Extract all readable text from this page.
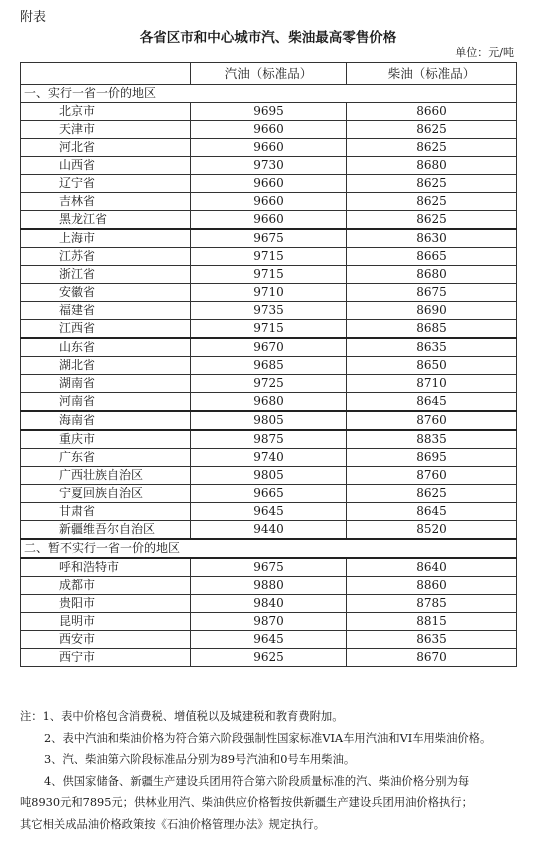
附表
各省区市和中心城市汽、柴油最高零售价格
单位：元/吨
	汽油（标准品）	柴油（标准品）
一、实行一省一价的地区		
北京市	9695	8660
天津市	9660	8625
河北省	9660	8625
山西省	9730	8680
辽宁省	9660	8625
吉林省	9660	8625
黑龙江省	9660	8625
上海市	9675	8630
江苏省	9715	8665
浙江省	9715	8680
安徽省	9710	8675
福建省	9735	8690
江西省	9715	8685
山东省	9670	8635
湖北省	9685	8650
湖南省	9725	8710
河南省	9680	8645
海南省	9805	8760
重庆市	9875	8835
广东省	9740	8695
广西壮族自治区	9805	8760
宁夏回族自治区	9665	8625
甘肃省	9645	8645
新疆维吾尔自治区	9440	8520
二、暂不实行一省一价的地区		
呼和浩特市	9675	8640
成都市	9880	8860
贵阳市	9840	8785
昆明市	9870	8815
西安市	9645	8635
西宁市	9625	8670

注：1、表中价格包含消费税、增值税以及城建税和教育费附加。

2、表中汽油和柴油价格为符合第六阶段强制性国家标准VIA车用汽油和VI车用柴油价格。

3、汽、柴油第六阶段标准品分别为89号汽油和0号车用柴油。

4、供国家储备、新疆生产建设兵团用符合第六阶段质量标准的汽、柴油价格分别为每

吨8930元和7895元；供林业用汽、柴油供应价格暂按供新疆生产建设兵团用油价格执行；

其它相关成品油价格政策按《石油价格管理办法》规定执行。
